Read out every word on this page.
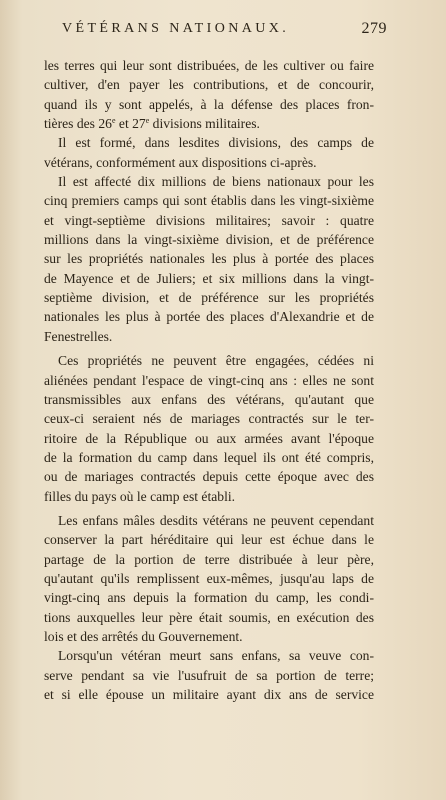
VÉTÉRANS NATIONAUX.	279
les terres qui leur sont distribuées, de les cultiver ou faire
cultiver, d'en payer les contributions, et de concourir,
quand ils y sont appelés, à la défense des places fron-
tières des 26e et 27e divisions militaires.
Il est formé, dans lesdites divisions, des camps de
vétérans, conformément aux dispositions ci-après.
Il est affecté dix millions de biens nationaux pour les
cinq premiers camps qui sont établis dans les vingt-sixième
et vingt-septième divisions militaires; savoir : quatre
millions dans la vingt-sixième division, et de préférence
sur les propriétés nationales les plus à portée des places
de Mayence et de Juliers; et six millions dans la vingt-
septième division, et de préférence sur les propriétés
nationales les plus à portée des places d'Alexandrie et de
Fenestrelles.
Ces propriétés ne peuvent être engagées, cédées ni
aliénées pendant l'espace de vingt-cinq ans : elles ne sont
transmissibles aux enfans des vétérans, qu'autant que
ceux-ci seraient nés de mariages contractés sur le ter-
ritoire de la République ou aux armées avant l'époque
de la formation du camp dans lequel ils ont été compris,
ou de mariages contractés depuis cette époque avec des
filles du pays où le camp est établi.
Les enfans mâles desdits vétérans ne peuvent cependant
conserver la part héréditaire qui leur est échue dans le
partage de la portion de terre distribuée à leur père,
qu'autant qu'ils remplissent eux-mêmes, jusqu'au laps de
vingt-cinq ans depuis la formation du camp, les condi-
tions auxquelles leur père était soumis, en exécution des
lois et des arrêtés du Gouvernement.
Lorsqu'un vétéran meurt sans enfans, sa veuve con-
serve pendant sa vie l'usufruit de sa portion de terre;
et si elle épouse un militaire ayant dix ans de service
